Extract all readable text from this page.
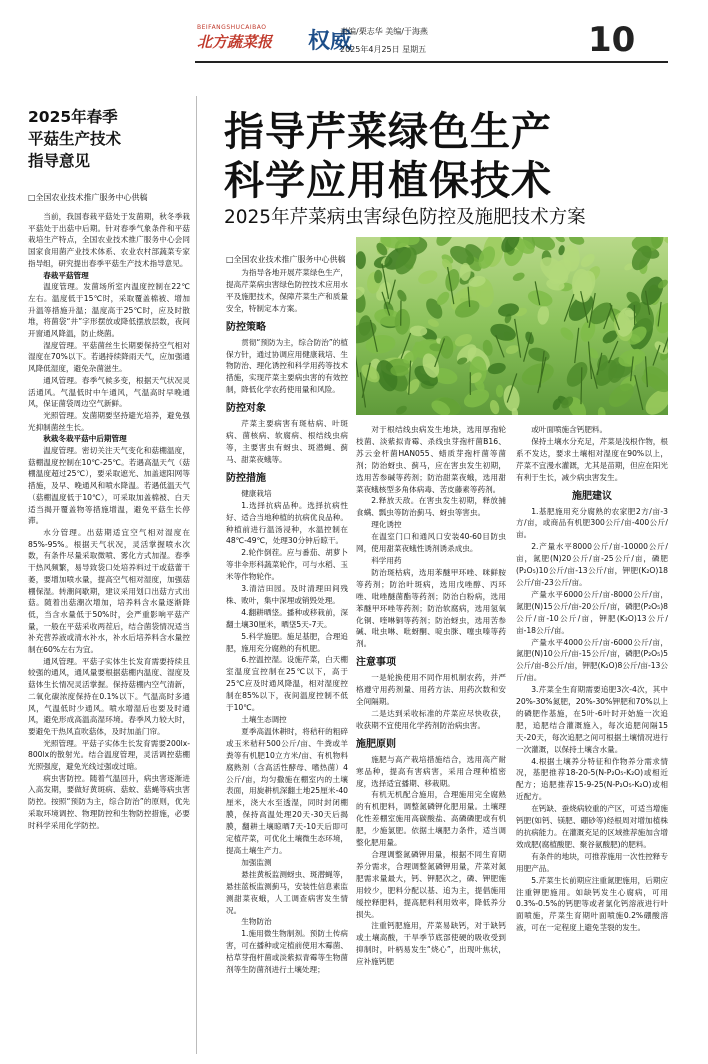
BEIFANGSHUCAIBAO
北方蔬菜报	权威
责编/栗志华 美编/于海燕
2025年4月25日 星期五	10
2025年春季
平菇生产技术
指导意见
□全国农业技术推广服务中心供稿

当前，我国春栽平菇处于发菌期，秋冬季栽平菇处于出菇中后期。针对春季气象条件和平菇栽培生产特点，全国农业技术推广服务中心会同国家食用菌产业技术体系、农业农村部蔬菜专家指导组，研究提出春季平菇生产技术指导意见。

春栽平菇管理

温度管理。发菌场所室内温度控制在22℃左右。温度低于15℃时，采取覆盖棉被、增加升温等措施升温；温度高于25℃时，应及时散堆，将菌袋“井”字形摆放或降低摆放层数，夜间开窗通风降温，防止烧菌。

湿度管理。平菇菌丝生长期要保持空气相对湿度在70%以下。若遇持续降雨天气，应加强通风降低湿度，避免杂菌滋生。

通风管理。春季气候多变，根据天气状况灵活通风。气温低时中午通风，气温高时早晚通风，保证菌袋周边空气新鲜。

光照管理。发菌期要坚持避光培养，避免强光抑制菌丝生长。

秋栽冬栽平菇中后期管理

温度管理。密切关注天气变化和菇棚温度，菇棚温度控制在10℃-25℃。若遇高温天气（菇棚温度超过25℃），要采取遮光、加盖遮阳网等措施，及早、晚通风和喷水降温。若遇低温天气（菇棚温度低于10℃），可采取加盖棉被、白天适当揭开覆盖物等措施增温，避免平菇生长停滞。

水分管理。出菇期适宜空气相对湿度在85%-95%。根据天气状况，灵活掌握喷水次数，有条件尽量采取微喷、雾化方式加湿。春季干热风频繁，易导致袋口处培养料过干或菇蕾干萎，要增加喷水量，提高空气相对湿度，加强菇棚保湿。转潮间歇期，建议采用划口出菇方式出菇。随着出菇潮次增加，培养料含水量逐渐降低，当含水量低于50%时，会严重影响平菇产量，一般在平菇采收两茬后，结合菌袋情况适当补充营养液或清水补水，补水后培养料含水量控制在60%左右为宜。

通风管理。平菇子实体生长发育需要持续且较强的通风，通风量要根据菇棚内温度、湿度及菇体生长情况灵活掌握。保持菇棚内空气清新，二氧化碳浓度保持在0.1%以下。气温高时多通风，气温低时少通风。喷水增湿后也要及时通风，避免形成高温高湿环境。春季风力较大时，要避免干热风直吹菇体，及时加盖门帘。

光照管理。平菇子实体生长发育需要200lx-800lx的散射光。结合温度管理，灵活调控菇棚光照强度，避免光线过强或过暗。

病虫害防控。随着气温回升，病虫害逐渐进入高发期，要做好黄斑病、菇蚊、菇蝇等病虫害防控。按照“预防为主，综合防治”的原则，优先采取环境调控、物理防控和生物防控措施，必要时科学采用化学防控。

指导芹菜绿色生产
科学应用植保技术
2025年芹菜病虫害绿色防控及施肥技术方案
□全国农业技术推广服务中心供稿

为指导各地开展芹菜绿色生产，提高芹菜病虫害绿色防控技术应用水平及施肥技术，保障芹菜生产和质量安全，特制定本方案。

防控策略

贯彻“预防为主，综合防治”的植保方针，通过协调应用健康栽培、生物防治、理化诱控和科学用药等技术措施，实现芹菜主要病虫害的有效控制，降低化学农药使用量和风险。

防控对象

芹菜主要病害有斑枯病、叶斑病、菌核病、软腐病、根结线虫病等，主要害虫有蚜虫、斑潜蝇、蓟马、甜菜夜蛾等。

防控措施

健康栽培

1.选择抗病品种。选择抗病性好、适合当地种植的抗病优良品种。种植前进行温汤浸种，水温控制在48℃-49℃，处理30分钟后晾干。

2.轮作倒茬。应与番茄、胡萝卜等非伞形科蔬菜轮作，可与水稻、玉米等作物轮作。

3.清洁田园。及时清理田间残株、败叶，集中深埋或销毁处理。

4.翻耕晒垡。播种或移栽前，深翻土壤30厘米，晒垡5天-7天。

5.科学施肥。施足基肥，合理追肥，施用充分腐熟的有机肥。

6.控温控湿。设施芹菜，白天棚室温度宜控制在25℃以下，高于25℃应及时通风降温，相对湿度控制在85%以下，夜间温度控制不低于10℃。

土壤生态调控

夏季高温休耕时，将秸秆的粗碎或玉米秸秆500公斤/亩、牛粪或羊粪等有机肥10立方米/亩、有机物料腐熟剂（含高活性酵母、嗜热菌）4公斤/亩，均匀撒施在棚室内的土壤表面，用旋耕机深翻土地25厘米-40厘米，浇大水至透湿，同时封闭棚膜，保持高温处理20天-30天后揭膜，翻耕土壤晾晒7天-10天后即可定植芹菜，可优化土壤微生态环境，提高土壤生产力。

加强监测

悬挂黄板监测蚜虫、斑潜蝇等，悬挂蓝板监测蓟马，安装性信息素监测甜菜夜蛾，人工调查病害发生情况。

生物防治

1.施用微生物制剂。预防土传病害，可在播种或定植前使用木霉菌、枯草芽孢杆菌或淡紫拟青霉等生物菌剂等生防菌剂进行土壤处理；

对于根结线虫病发生地块，选用厚孢轮枝菌、淡紫拟青霉、杀线虫芽孢杆菌B16、苏云金杆菌HAN055、蜡质芽孢杆菌等菌剂；防治蚜虫、蓟马，应在害虫发生初期，选用苦参碱等药剂；防治甜菜夜蛾，选用甜菜夜蛾核型多角体病毒、苦皮藤素等药剂。

2.释放天敌。在害虫发生初期，释放捕食螨、瓢虫等防治蓟马、蚜虫等害虫。

理化诱控

在温室门口和通风口安装40-60目防虫网，使用甜菜夜蛾性诱剂诱杀成虫。

科学用药

防治斑枯病，选用苯醚甲环唑、咪鲜胺等药剂；防治叶斑病，选用戊唑醇、丙环唑、吡唑醚菌酯等药剂；防治白粉病，选用苯醚甲环唑等药剂；防治软腐病，选用氢氧化铜、喹啉铜等药剂；防治蚜虫，选用苦参碱、吡虫啉、吡蚜酮、啶虫脒、噻虫嗪等药剂。

注意事项

一是轮换使用不同作用机制农药，并严格遵守用药剂量、用药方法、用药次数和安全间隔期。

二是达到采收标准的芹菜应尽快收获，收获期不宜使用化学药剂防治病虫害。

施肥原则

施肥与高产栽培措施结合，选用高产耐寒品种，提高有害病害，采用合理种植密度，选择适宜播期、移栽期。

有机无机配合施用，合理施用完全腐熟的有机肥料，调整氮磷钾化肥用量。土壤理化性差棚室施用高碳酸盐、高磷磷肥或有机肥，少施氯肥。依据土壤肥力条件，适当调整化肥用量。

合理调整氮磷钾用量，根据不同生育期养分需求，合理调整氮磷钾用量，芹菜对氮肥需求量最大，钙、钾肥次之，磷、钾肥施用较少，肥料分配以基、追为主，提倡施用缓控释肥料，提高肥料利用效率，降低养分损失。

注重钙肥施用，芹菜易缺钙，对于缺钙或土壤高酸，干旱季节底部使硬的吸收受到抑制时，叶柄易发生“烧心”，出现叶焦状，应补施钙肥

或叶面喷施含钙肥料。

保持土壤水分充足，芹菜是浅根作物，根系不发达，要求土壤相对湿度在90%以上，芹菜不宜漫水灌溉，尤其是苗期，但应在阳光有利于生长，减少病虫害发生。

施肥建议

1.基肥施用充分腐熟的农家肥2方/亩-3方/亩，或商品有机肥300公斤/亩-400公斤/亩。

2.产量水平8000公斤/亩-10000公斤/亩，氮肥(N)20公斤/亩-25公斤/亩，磷肥(P₂O₅)10公斤/亩-13公斤/亩，钾肥(K₂O)18公斤/亩-23公斤/亩。

产量水平6000公斤/亩-8000公斤/亩，氮肥(N)15公斤/亩-20公斤/亩，磷肥(P₂O₅)8公斤/亩-10公斤/亩，钾肥(K₂O)13公斤/亩-18公斤/亩。

产量水平4000公斤/亩-6000公斤/亩，氮肥(N)10公斤/亩-15公斤/亩，磷肥(P₂O₅)5公斤/亩-8公斤/亩，钾肥(K₂O)8公斤/亩-13公斤/亩。

3.芹菜全生育期需要追肥3次-4次，其中20%-30%氮肥，20%-30%钾肥和70%以上的磷肥作基施，在5叶-6叶时开始施一次追肥，追肥结合灌溉施入，每次追肥间隔15天-20天，每次追肥之间可根据土壤情况进行一次灌溉，以保持土壤含水量。

4.根据土壤养分特征和作物养分需求情况，基肥推荐18-20-5(N-P₂O₅-K₂O)或相近配方；追肥推荐15-9-25(N-P₂O₅-K₂O)或相近配方。

在钙缺、蚕烧病较重的产区，可适当增施钙肥(如钙、镁肥、硼砂等)经根周对增加植株的抗病能力。在灌溉充足的区域推荐施加含增效成肥(腐植酸肥、聚谷氨酸肥)的肥料。

有条件的地块，可推荐施用一次性控释专用肥产品。

5.芹菜生长前期应注重氮肥施用，后期应注重钾肥施用。如缺钙发生心腐病，可用0.3%-0.5%的钙肥等或者氯化钙溶液进行叶面喷施，芹菜生育期叶面喷施0.2%硼酸溶液，可在一定程度上避免茎裂的发生。
